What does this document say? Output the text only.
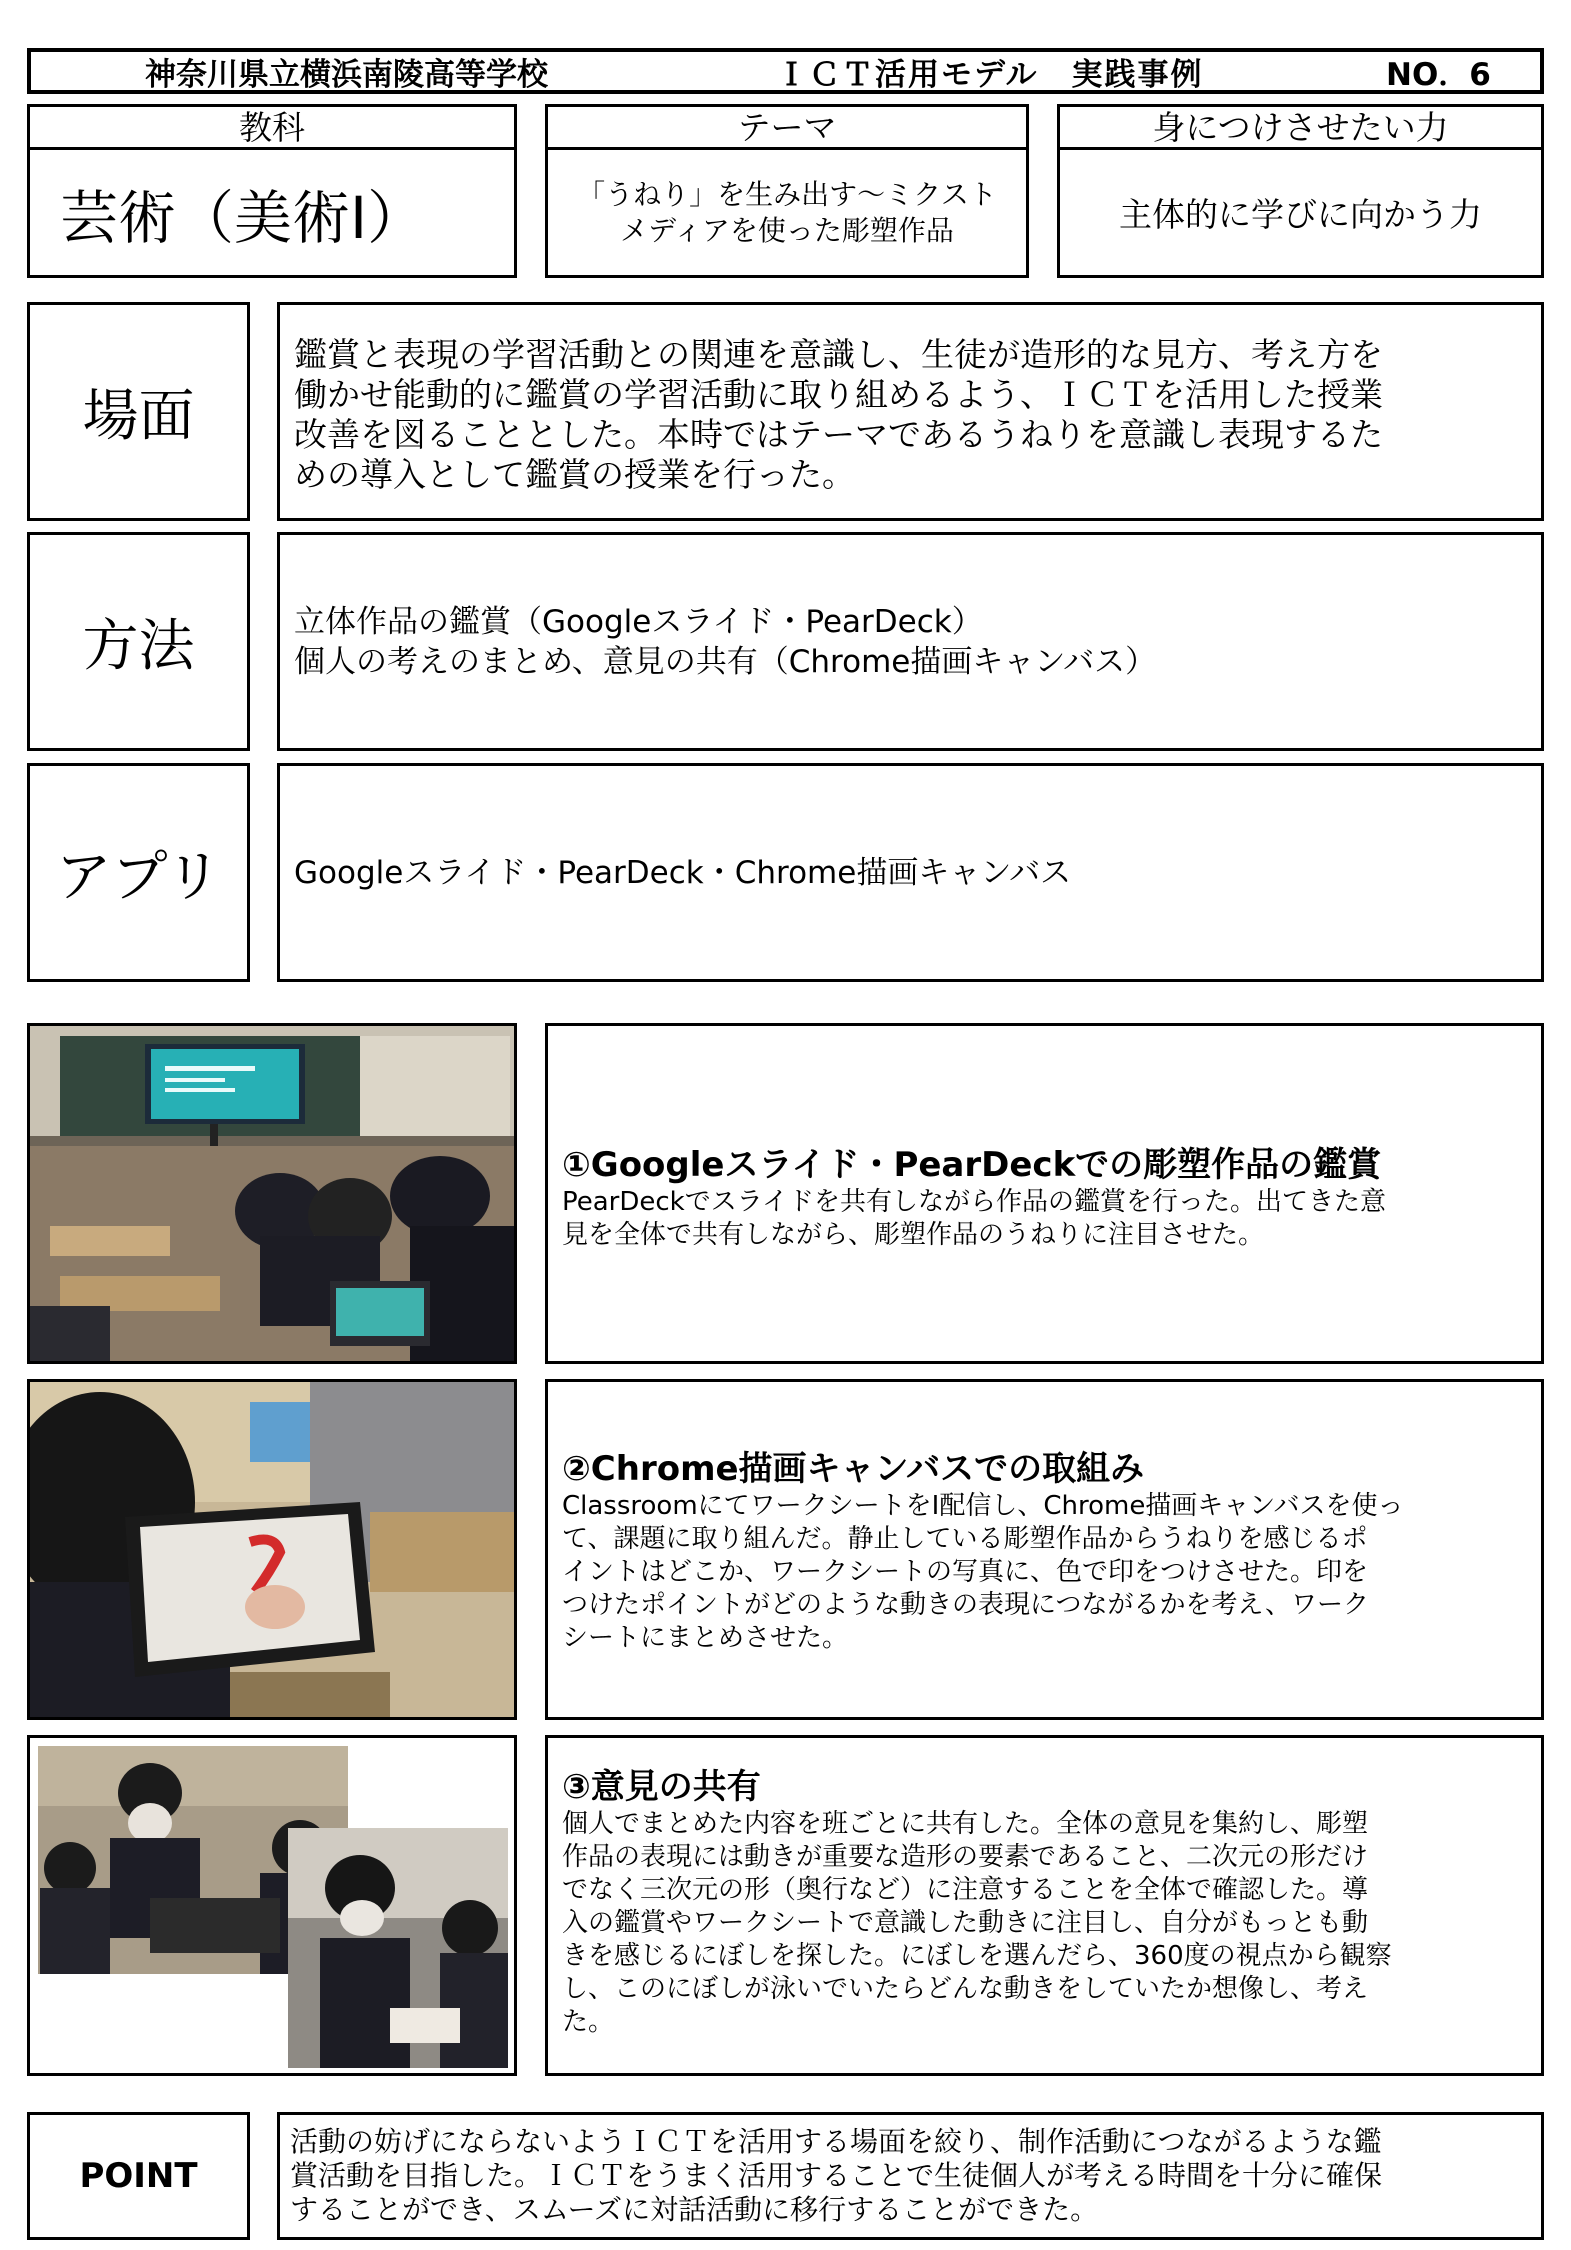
神奈川県立横浜南陵高等学校	ＩＣＴ活用モデル　実践事例	NO．6
教科
芸術（美術Ⅰ）
テーマ
「うねり」を生み出す～ミクスト
メディアを使った彫塑作品
身につけさせたい力
主体的に学びに向かう力
場面
鑑賞と表現の学習活動との関連を意識し、生徒が造形的な見方、考え方を
働かせ能動的に鑑賞の学習活動に取り組めるよう、ＩＣＴを活用した授業
改善を図ることとした。本時ではテーマであるうねりを意識し表現するた
めの導入として鑑賞の授業を行った。
方法	立体作品の鑑賞（Googleスライド・PearDeck）
個人の考えのまとめ、意見の共有（Chrome描画キャンバス）
アプリ	Googleスライド・PearDeck・Chrome描画キャンバス
①Googleスライド・PearDeckでの彫塑作品の鑑賞
PearDeckでスライドを共有しながら作品の鑑賞を行った。出てきた意
見を全体で共有しながら、彫塑作品のうねりに注目させた。
②Chrome描画キャンバスでの取組み
ClassroomにてワークシートをI配信し、Chrome描画キャンバスを使っ
て、課題に取り組んだ。静止している彫塑作品からうねりを感じるポ
イントはどこか、ワークシートの写真に、色で印をつけさせた。印を
つけたポイントがどのような動きの表現につながるかを考え、ワーク
シートにまとめさせた。
③意見の共有
個人でまとめた内容を班ごとに共有した。全体の意見を集約し、彫塑
作品の表現には動きが重要な造形の要素であること、二次元の形だけ
でなく三次元の形（奥行など）に注意することを全体で確認した。導
入の鑑賞やワークシートで意識した動きに注目し、自分がもっとも動
きを感じるにぼしを探した。にぼしを選んだら、360度の視点から観察
し、このにぼしが泳いでいたらどんな動きをしていたか想像し、考え
た。
POINT
活動の妨げにならないようＩＣＴを活用する場面を絞り、制作活動につながるような鑑
賞活動を目指した。ＩＣＴをうまく活用することで生徒個人が考える時間を十分に確保
することができ、スムーズに対話活動に移行することができた。
